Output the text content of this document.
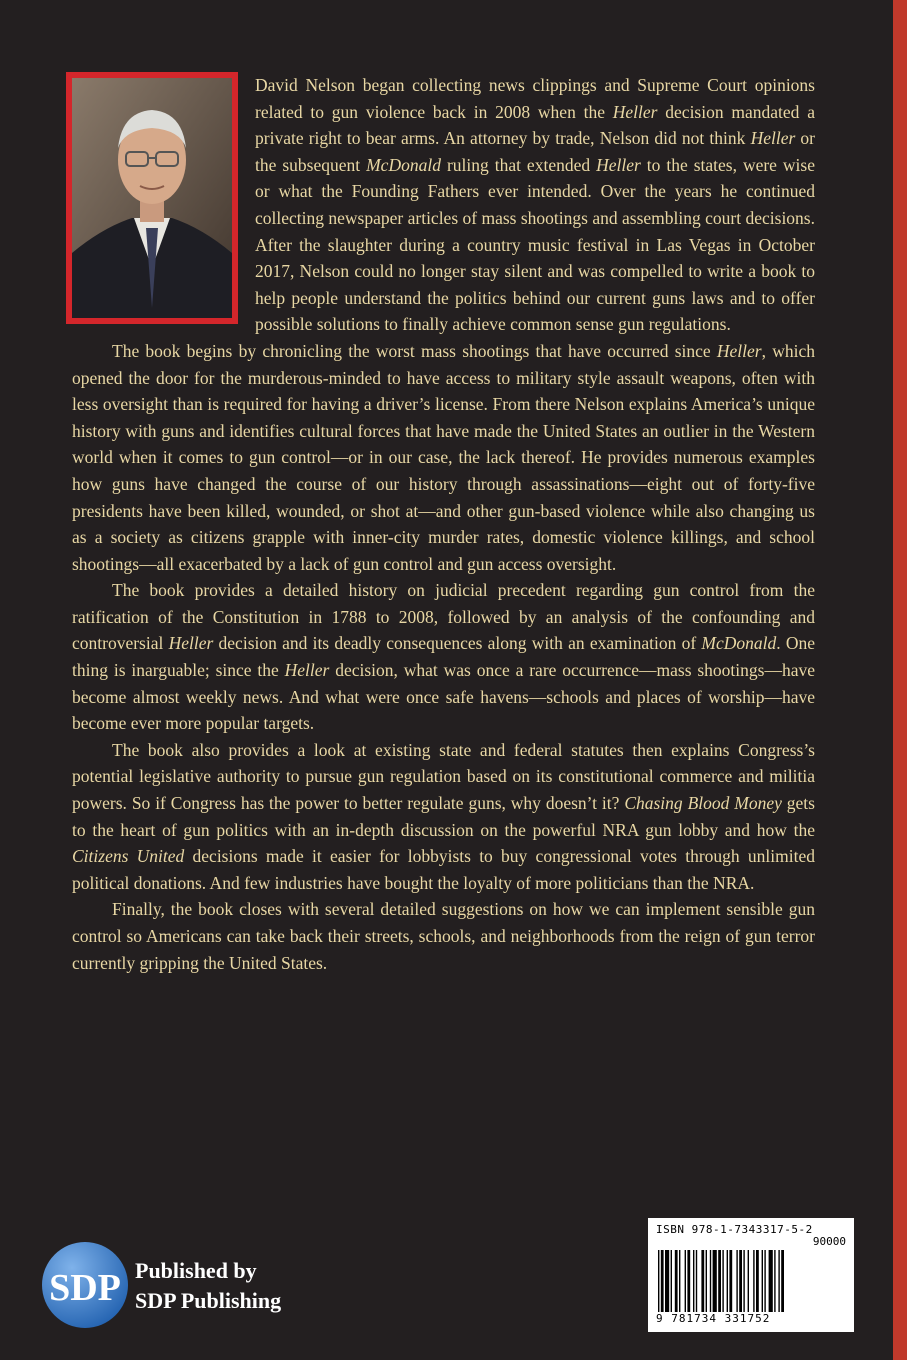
David Nelson began collecting news clippings and Supreme Court opinions related to gun violence back in 2008 when the Heller decision mandated a private right to bear arms. An attorney by trade, Nelson did not think Heller or the subsequent McDonald ruling that extended Heller to the states, were wise or what the Founding Fathers ever intended. Over the years he continued collecting newspaper articles of mass shootings and assembling court decisions. After the slaughter during a country music festival in Las Vegas in October 2017, Nelson could no longer stay silent and was compelled to write a book to help people understand the politics behind our current guns laws and to offer possible solutions to finally achieve common sense gun regulations.

The book begins by chronicling the worst mass shootings that have occurred since Heller, which opened the door for the murderous-minded to have access to military style assault weapons, often with less oversight than is required for having a driver’s license. From there Nelson explains America’s unique history with guns and identifies cultural forces that have made the United States an outlier in the Western world when it comes to gun control—or in our case, the lack thereof. He provides numerous examples how guns have changed the course of our history through assassinations—eight out of forty-five presidents have been killed, wounded, or shot at—and other gun-based violence while also changing us as a society as citizens grapple with inner-city murder rates, domestic violence killings, and school shootings—all exacerbated by a lack of gun control and gun access oversight.

The book provides a detailed history on judicial precedent regarding gun control from the ratification of the Constitution in 1788 to 2008, followed by an analysis of the confounding and controversial Heller decision and its deadly consequences along with an examination of McDonald. One thing is inarguable; since the Heller decision, what was once a rare occurrence—mass shootings—have become almost weekly news. And what were once safe havens—schools and places of worship—have become ever more popular targets.

The book also provides a look at existing state and federal statutes then explains Congress’s potential legislative authority to pursue gun regulation based on its constitutional commerce and militia powers. So if Congress has the power to better regulate guns, why doesn’t it? Chasing Blood Money gets to the heart of gun politics with an in-depth discussion on the powerful NRA gun lobby and how the Citizens United decisions made it easier for lobbyists to buy congressional votes through unlimited political donations. And few industries have bought the loyalty of more politicians than the NRA.

Finally, the book closes with several detailed suggestions on how we can implement sensible gun control so Americans can take back their streets, schools, and neighborhoods from the reign of gun terror currently gripping the United States.

SDP Published by
SDP Publishing
ISBN 978-1-7343317-5-2
90000
9 781734 331752
